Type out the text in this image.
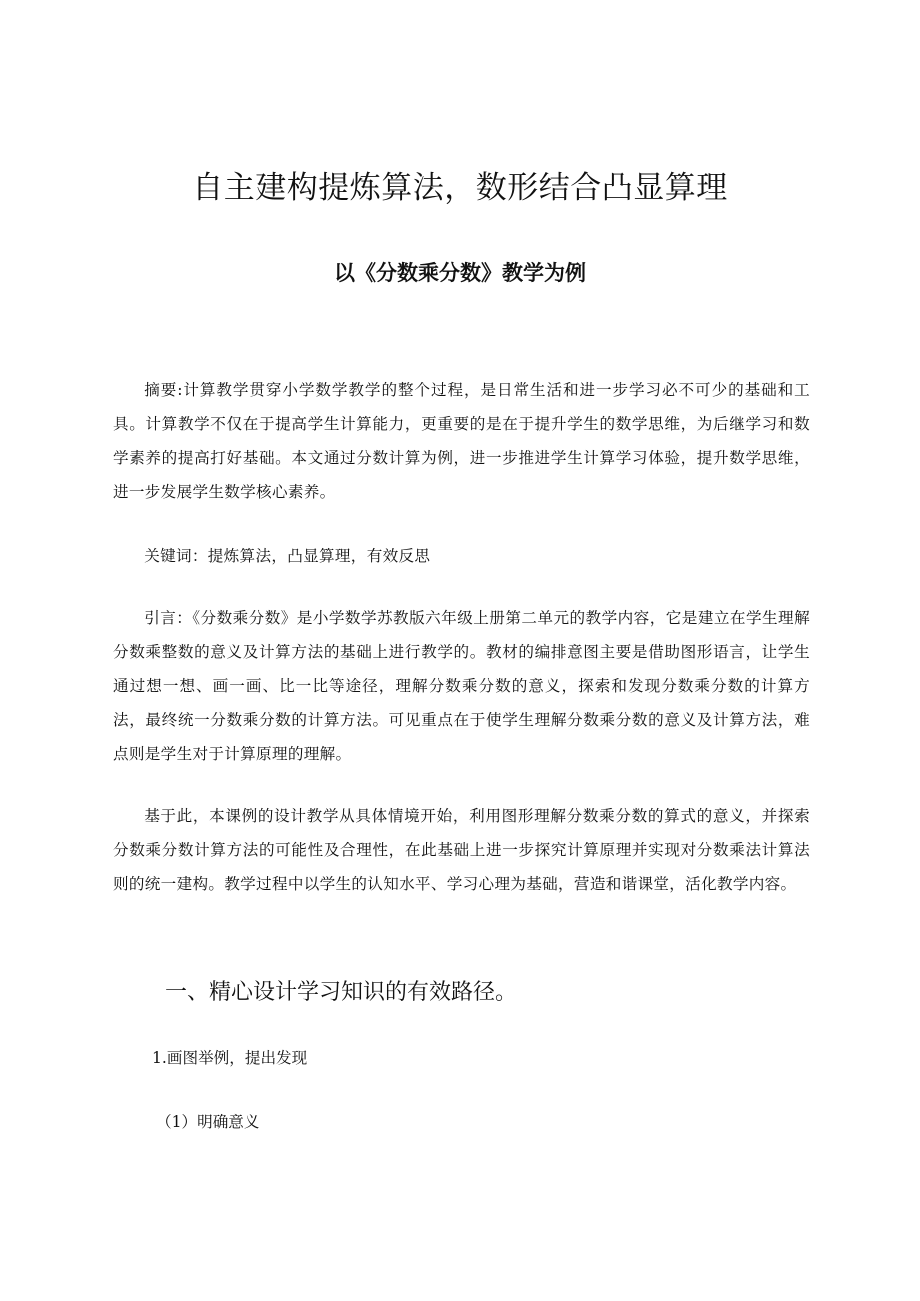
自主建构提炼算法，数形结合凸显算理
以《分数乘分数》教学为例

摘要:计算教学贯穿小学数学教学的整个过程，是日常生活和进一步学习必不可少的基础和工具。计算教学不仅在于提高学生计算能力，更重要的是在于提升学生的数学思维，为后继学习和数学素养的提高打好基础。本文通过分数计算为例，进一步推进学生计算学习体验，提升数学思维，进一步发展学生数学核心素养。

关键词：提炼算法，凸显算理，有效反思

引言：《分数乘分数》是小学数学苏教版六年级上册第二单元的教学内容，它是建立在学生理解分数乘整数的意义及计算方法的基础上进行教学的。教材的编排意图主要是借助图形语言，让学生通过想一想、画一画、比一比等途径，理解分数乘分数的意义，探索和发现分数乘分数的计算方法，最终统一分数乘分数的计算方法。可见重点在于使学生理解分数乘分数的意义及计算方法，难点则是学生对于计算原理的理解。

基于此，本课例的设计教学从具体情境开始，利用图形理解分数乘分数的算式的意义，并探索分数乘分数计算方法的可能性及合理性，在此基础上进一步探究计算原理并实现对分数乘法计算法则的统一建构。教学过程中以学生的认知水平、学习心理为基础，营造和谐课堂，活化教学内容。

一、精心设计学习知识的有效路径。

1.画图举例，提出发现

（1）明确意义
